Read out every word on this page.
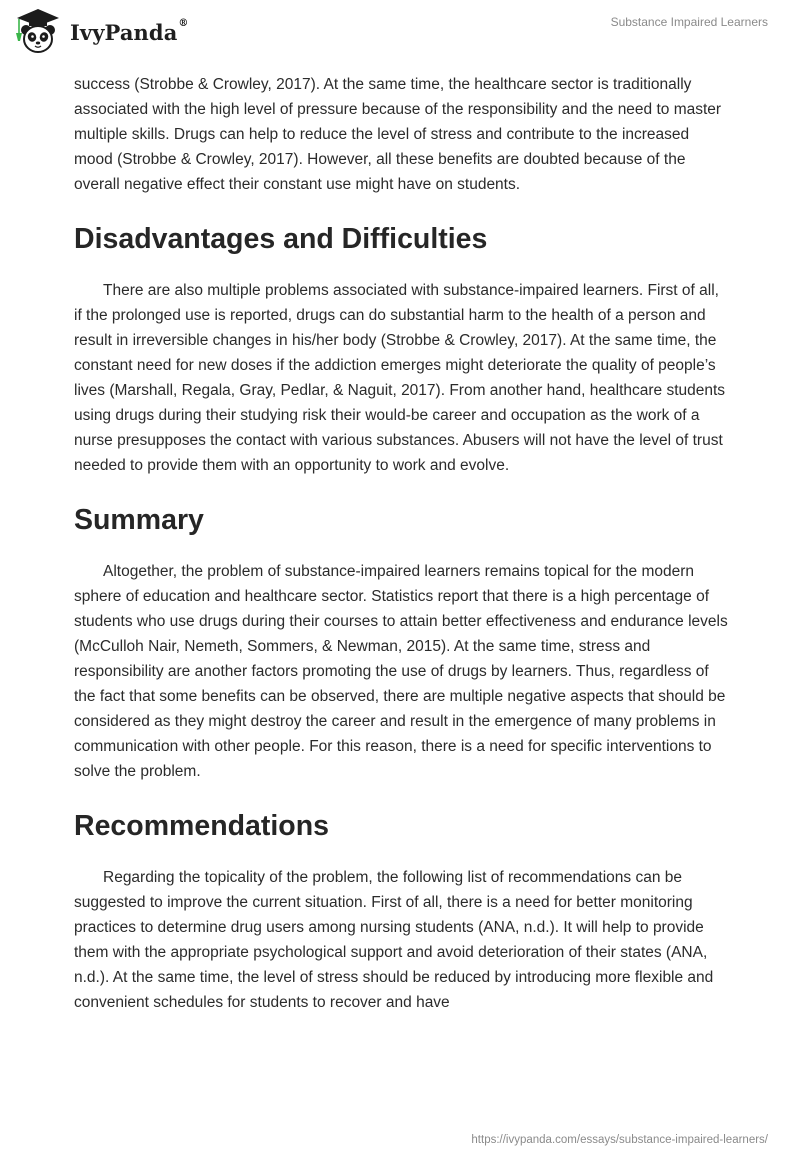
IvyPanda®	Substance Impaired Learners

success (Strobbe & Crowley, 2017). At the same time, the healthcare sector is traditionally associated with the high level of pressure because of the responsibility and the need to master multiple skills. Drugs can help to reduce the level of stress and contribute to the increased mood (Strobbe & Crowley, 2017). However, all these benefits are doubted because of the overall negative effect their constant use might have on students.

Disadvantages and Difficulties

There are also multiple problems associated with substance-impaired learners. First of all, if the prolonged use is reported, drugs can do substantial harm to the health of a person and result in irreversible changes in his/her body (Strobbe & Crowley, 2017). At the same time, the constant need for new doses if the addiction emerges might deteriorate the quality of people’s lives (Marshall, Regala, Gray, Pedlar, & Naguit, 2017). From another hand, healthcare students using drugs during their studying risk their would-be career and occupation as the work of a nurse presupposes the contact with various substances. Abusers will not have the level of trust needed to provide them with an opportunity to work and evolve.

Summary

Altogether, the problem of substance-impaired learners remains topical for the modern sphere of education and healthcare sector. Statistics report that there is a high percentage of students who use drugs during their courses to attain better effectiveness and endurance levels (McCulloh Nair, Nemeth, Sommers, & Newman, 2015). At the same time, stress and responsibility are another factors promoting the use of drugs by learners. Thus, regardless of the fact that some benefits can be observed, there are multiple negative aspects that should be considered as they might destroy the career and result in the emergence of many problems in communication with other people. For this reason, there is a need for specific interventions to solve the problem.

Recommendations

Regarding the topicality of the problem, the following list of recommendations can be suggested to improve the current situation. First of all, there is a need for better monitoring practices to determine drug users among nursing students (ANA, n.d.). It will help to provide them with the appropriate psychological support and avoid deterioration of their states (ANA, n.d.). At the same time, the level of stress should be reduced by introducing more flexible and convenient schedules for students to recover and have

https://ivypanda.com/essays/substance-impaired-learners/
